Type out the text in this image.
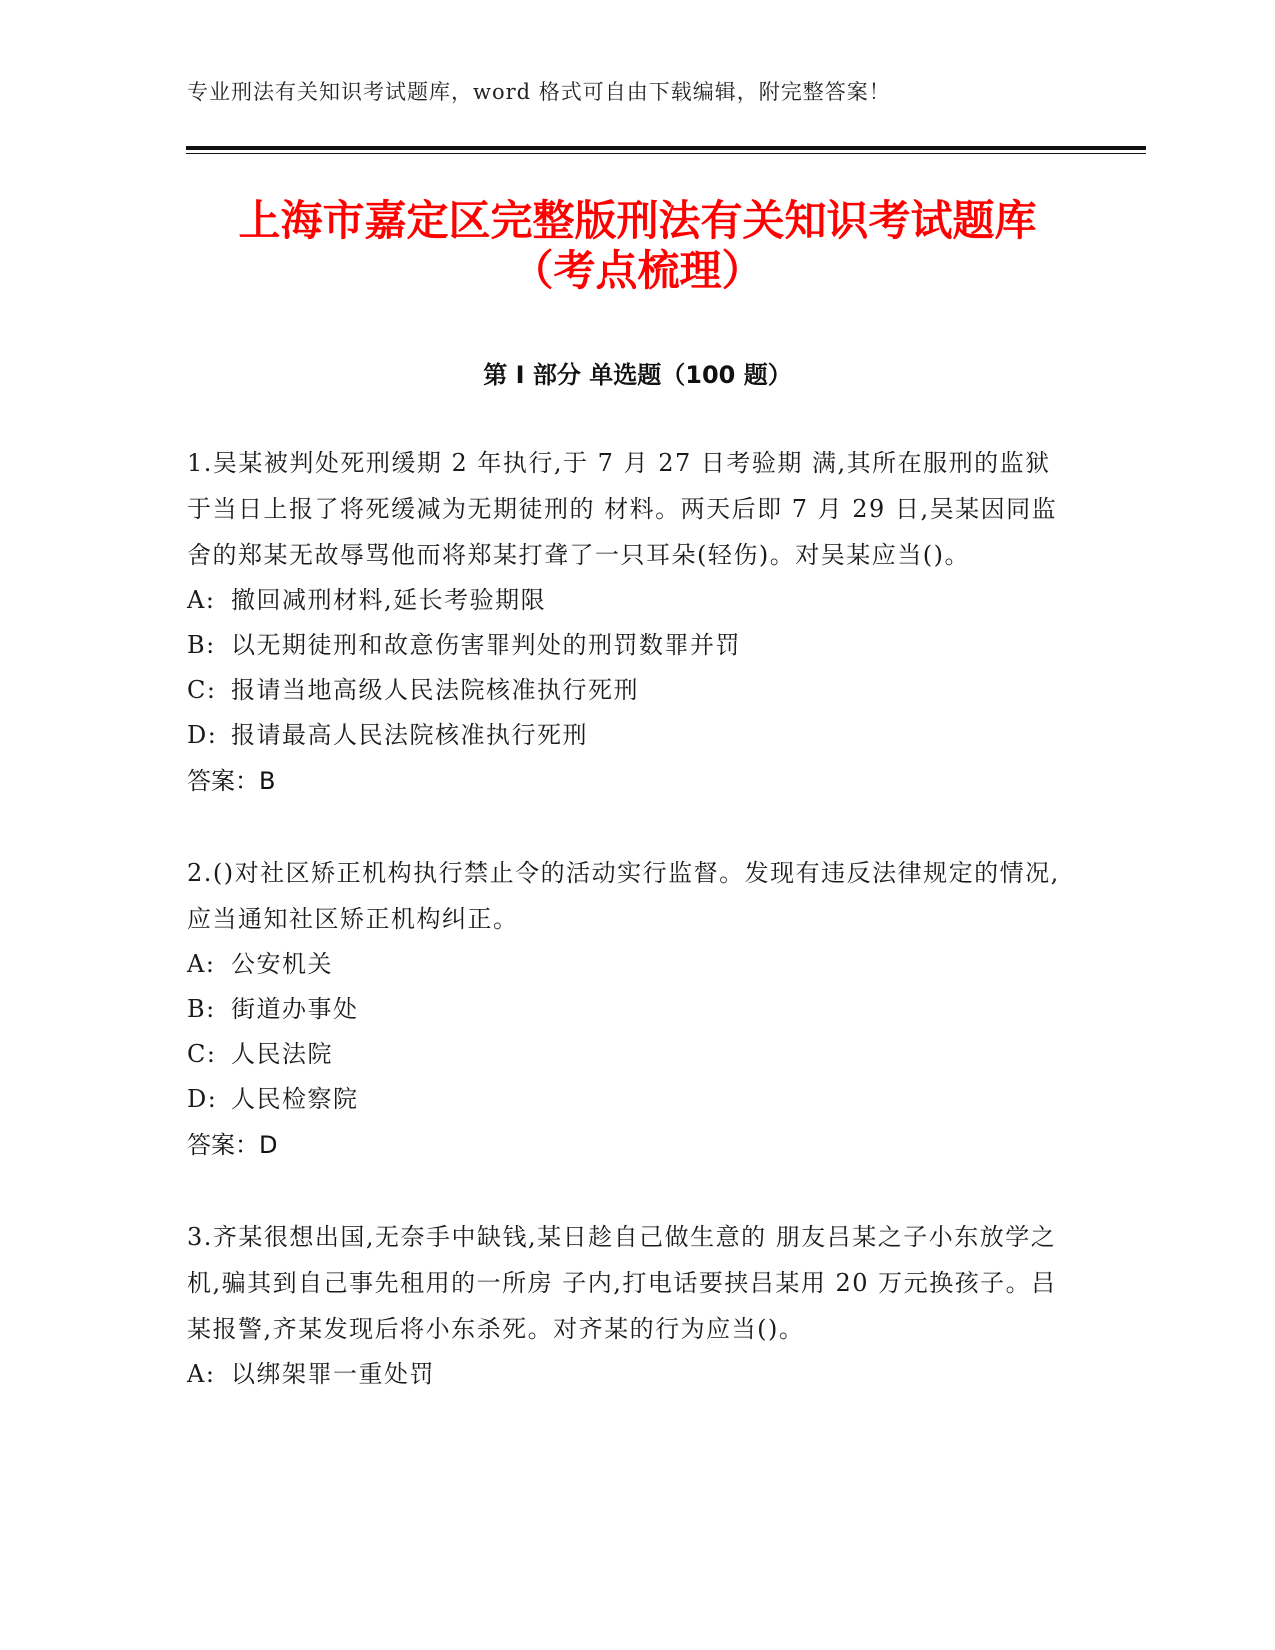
专业刑法有关知识考试题库，word 格式可自由下载编辑，附完整答案！
上海市嘉定区完整版刑法有关知识考试题库
（考点梳理）
第 I 部分 单选题（100 题）

1.吴某被判处死刑缓期 2 年执行,于 7 月 27 日考验期 满,其所在服刑的监狱于当日上报了将死缓减为无期徒刑的 材料。两天后即 7 月 29 日,吴某因同监舍的郑某无故辱骂他而将郑某打聋了一只耳朵(轻伤)。对吴某应当()。

A: 撤回减刑材料,延长考验期限

B: 以无期徒刑和故意伤害罪判处的刑罚数罪并罚

C: 报请当地高级人民法院核准执行死刑

D: 报请最高人民法院核准执行死刑

答案：B

2.()对社区矫正机构执行禁止令的活动实行监督。发现有违反法律规定的情况,应当通知社区矫正机构纠正。

A: 公安机关

B: 街道办事处

C: 人民法院

D: 人民检察院

答案：D

3.齐某很想出国,无奈手中缺钱,某日趁自己做生意的 朋友吕某之子小东放学之机,骗其到自己事先租用的一所房 子内,打电话要挟吕某用 20 万元换孩子。吕某报警,齐某发现后将小东杀死。对齐某的行为应当()。

A: 以绑架罪一重处罚
